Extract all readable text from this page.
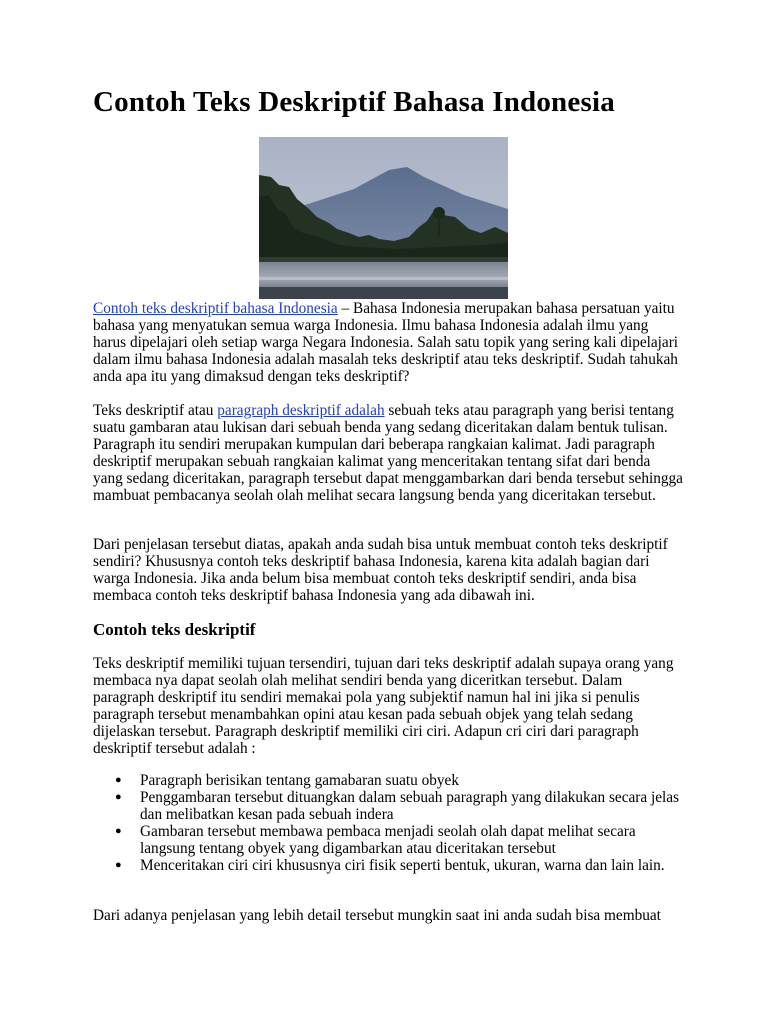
Contoh Teks Deskriptif Bahasa Indonesia

Contoh teks deskriptif bahasa Indonesia – Bahasa Indonesia merupakan bahasa persatuan yaitu bahasa yang menyatukan semua warga Indonesia. Ilmu bahasa Indonesia adalah ilmu yang harus dipelajari oleh setiap warga Negara Indonesia. Salah satu topik yang sering kali dipelajari dalam ilmu bahasa Indonesia adalah masalah teks deskriptif atau teks deskriptif. Sudah tahukah anda apa itu yang dimaksud dengan teks deskriptif?

Teks deskriptif atau paragraph deskriptif adalah sebuah teks atau paragraph yang berisi tentang suatu gambaran atau lukisan dari sebuah benda yang sedang diceritakan dalam bentuk tulisan. Paragraph itu sendiri merupakan kumpulan dari beberapa rangkaian kalimat. Jadi paragraph deskriptif merupakan sebuah rangkaian kalimat yang menceritakan tentang sifat dari benda yang sedang diceritakan, paragraph tersebut dapat menggambarkan dari benda tersebut sehingga mambuat pembacanya seolah olah melihat secara langsung benda yang diceritakan tersebut.

Dari penjelasan tersebut diatas, apakah anda sudah bisa untuk membuat contoh teks deskriptif sendiri? Khususnya contoh teks deskriptif bahasa Indonesia, karena kita adalah bagian dari warga Indonesia. Jika anda belum bisa membuat contoh teks deskriptif sendiri, anda bisa membaca contoh teks deskriptif bahasa Indonesia yang ada dibawah ini.

Contoh teks deskriptif

Teks deskriptif memiliki tujuan tersendiri, tujuan dari teks deskriptif adalah supaya orang yang membaca nya dapat seolah olah melihat sendiri benda yang diceritkan tersebut. Dalam paragraph deskriptif itu sendiri memakai pola yang subjektif namun hal ini jika si penulis paragraph tersebut menambahkan opini atau kesan pada sebuah objek yang telah sedang dijelaskan tersebut. Paragraph deskriptif memiliki ciri ciri. Adapun cri ciri dari paragraph deskriptif tersebut adalah :

● Paragraph berisikan tentang gamabaran suatu obyek
● Penggambaran tersebut dituangkan dalam sebuah paragraph yang dilakukan secara jelas dan melibatkan kesan pada sebuah indera
● Gambaran tersebut membawa pembaca menjadi seolah olah dapat melihat secara langsung tentang obyek yang digambarkan atau diceritakan tersebut
● Menceritakan ciri ciri khususnya ciri fisik seperti bentuk, ukuran, warna dan lain lain.

Dari adanya penjelasan yang lebih detail tersebut mungkin saat ini anda sudah bisa membuat
